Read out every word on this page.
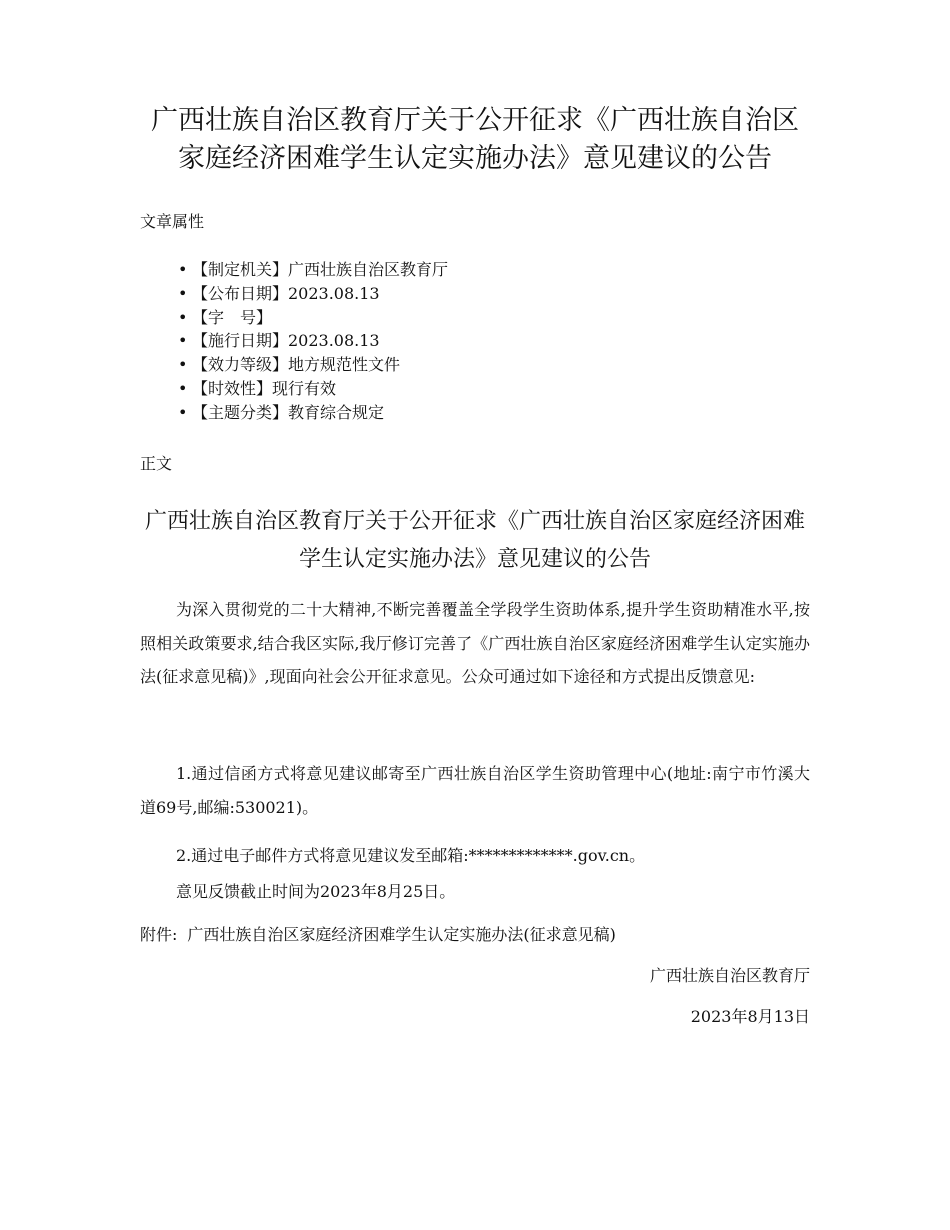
广西壮族自治区教育厅关于公开征求《广西壮族自治区家庭经济困难学生认定实施办法》意见建议的公告

文章属性

• 【制定机关】广西壮族自治区教育厅
• 【公布日期】2023.08.13
• 【字　号】
• 【施行日期】2023.08.13
• 【效力等级】地方规范性文件
• 【时效性】现行有效
• 【主题分类】教育综合规定

正文

广西壮族自治区教育厅关于公开征求《广西壮族自治区家庭经济困难学生认定实施办法》意见建议的公告

为深入贯彻党的二十大精神,不断完善覆盖全学段学生资助体系,提升学生资助精准水平,按照相关政策要求,结合我区实际,我厅修订完善了《广西壮族自治区家庭经济困难学生认定实施办法(征求意见稿)》,现面向社会公开征求意见。公众可通过如下途径和方式提出反馈意见:

1.通过信函方式将意见建议邮寄至广西壮族自治区学生资助管理中心(地址:南宁市竹溪大道69号,邮编:530021)。

2.通过电子邮件方式将意见建议发至邮箱:*************.gov.cn。

意见反馈截止时间为2023年8月25日。

附件: 广西壮族自治区家庭经济困难学生认定实施办法(征求意见稿)

广西壮族自治区教育厅

2023年8月13日
